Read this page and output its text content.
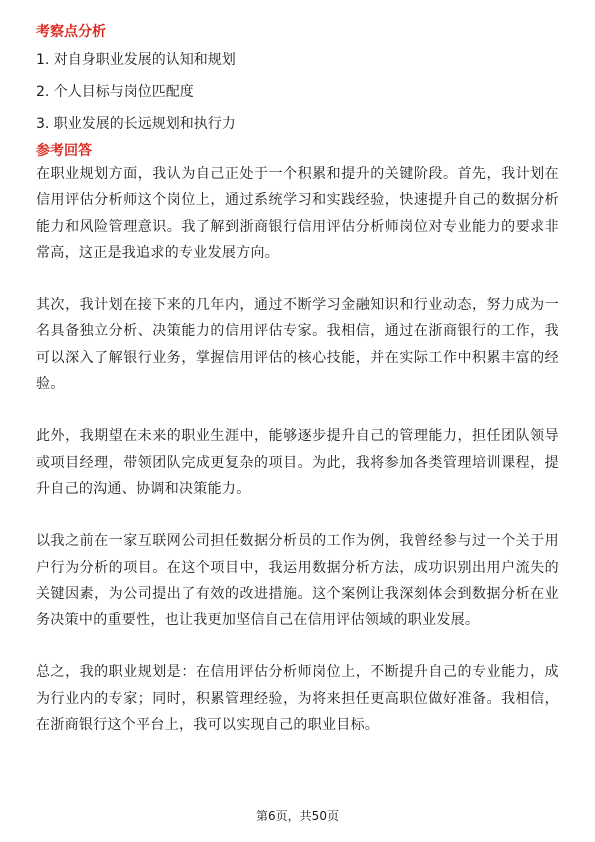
考察点分析

1. 对自身职业发展的认知和规划

2. 个人目标与岗位匹配度

3. 职业发展的长远规划和执行力

参考回答

在职业规划方面，我认为自己正处于一个积累和提升的关键阶段。首先，我计划在信用评估分析师这个岗位上，通过系统学习和实践经验，快速提升自己的数据分析能力和风险管理意识。我了解到浙商银行信用评估分析师岗位对专业能力的要求非常高，这正是我追求的专业发展方向。

其次，我计划在接下来的几年内，通过不断学习金融知识和行业动态，努力成为一名具备独立分析、决策能力的信用评估专家。我相信，通过在浙商银行的工作，我可以深入了解银行业务，掌握信用评估的核心技能，并在实际工作中积累丰富的经验。

此外，我期望在未来的职业生涯中，能够逐步提升自己的管理能力，担任团队领导或项目经理，带领团队完成更复杂的项目。为此，我将参加各类管理培训课程，提升自己的沟通、协调和决策能力。

以我之前在一家互联网公司担任数据分析员的工作为例，我曾经参与过一个关于用户行为分析的项目。在这个项目中，我运用数据分析方法，成功识别出用户流失的关键因素，为公司提出了有效的改进措施。这个案例让我深刻体会到数据分析在业务决策中的重要性，也让我更加坚信自己在信用评估领域的职业发展。

总之，我的职业规划是：在信用评估分析师岗位上，不断提升自己的专业能力，成为行业内的专家；同时，积累管理经验，为将来担任更高职位做好准备。我相信，在浙商银行这个平台上，我可以实现自己的职业目标。

第6页，共50页
